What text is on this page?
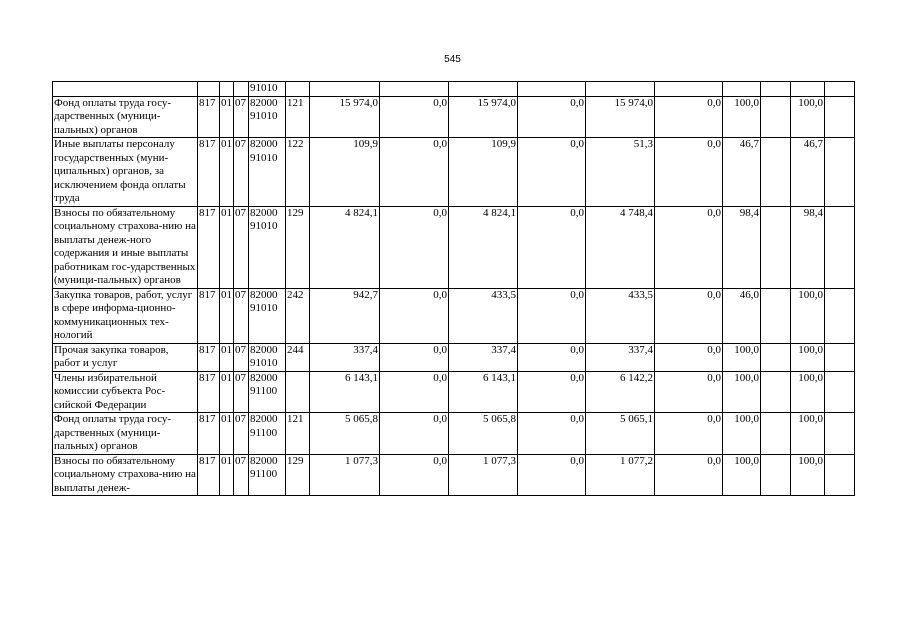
545
				91010											
Фонд оплаты труда госу-дарственных (муници-пальных) органов	817	01	07	82000 91010	121	15 974,0	0,0	15 974,0	0,0	15 974,0	0,0	100,0		100,0	
Иные выплаты персоналу государственных (муни-ципальных) органов, за исключением фонда оплаты труда	817	01	07	82000 91010	122	109,9	0,0	109,9	0,0	51,3	0,0	46,7		46,7	
Взносы по обязательному социальному страхова-нию на выплаты денеж-ного содержания и иные выплаты работникам гос-ударственных (муници-пальных) органов	817	01	07	82000 91010	129	4 824,1	0,0	4 824,1	0,0	4 748,4	0,0	98,4		98,4	
Закупка товаров, работ, услуг в сфере информа-ционно-коммуникационных тех-нологий	817	01	07	82000 91010	242	942,7	0,0	433,5	0,0	433,5	0,0	46,0		100,0	
Прочая закупка товаров, работ и услуг	817	01	07	82000 91010	244	337,4	0,0	337,4	0,0	337,4	0,0	100,0		100,0	
Члены избирательной комиссии субъекта Рос-сийской Федерации	817	01	07	82000 91100		6 143,1	0,0	6 143,1	0,0	6 142,2	0,0	100,0		100,0	
Фонд оплаты труда госу-дарственных (муници-пальных) органов	817	01	07	82000 91100	121	5 065,8	0,0	5 065,8	0,0	5 065,1	0,0	100,0		100,0	
Взносы по обязательному социальному страхова-нию на выплаты денеж-	817	01	07	82000 91100	129	1 077,3	0,0	1 077,3	0,0	1 077,2	0,0	100,0		100,0	
